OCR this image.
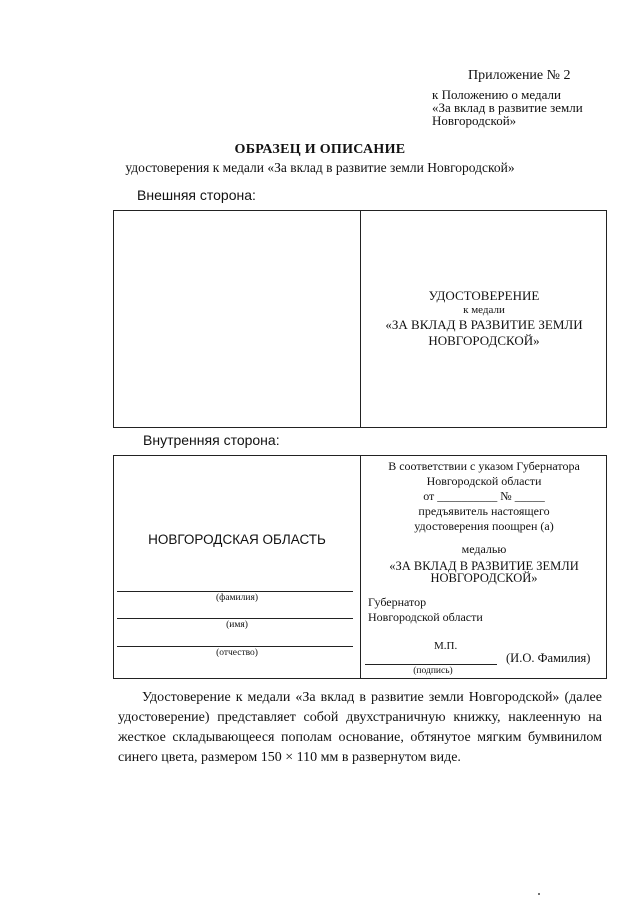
Приложение № 2
к Положению о медали
«За вклад в развитие земли
Новгородской»
ОБРАЗЕЦ И ОПИСАНИЕ
удостоверения к медали «За вклад в развитие земли Новгородской»
Внешняя сторона:
УДОСТОВЕРЕНИЕ
к медали
«ЗА ВКЛАД В РАЗВИТИЕ ЗЕМЛИ
НОВГОРОДСКОЙ»
Внутренняя сторона:
НОВГОРОДСКАЯ ОБЛАСТЬ
(фамилия)
(имя)
(отчество)
В соответствии с указом Губернатора
Новгородской области
от __________ № _____
предъявитель настоящего
удостоверения поощрен (а)
медалью
«ЗА ВКЛАД В РАЗВИТИЕ ЗЕМЛИ
НОВГОРОДСКОЙ»
Губернатор
Новгородской области
М.П.
(И.О. Фамилия)
(подпись)
Удостоверение к медали «За вклад в развитие земли Новгородской» (далее удостоверение) представляет собой двухстраничную книжку, наклеенную на жесткое складывающееся пополам основание, обтянутое мягким бумвинилом синего цвета, размером 150 × 110 мм в развернутом виде.
